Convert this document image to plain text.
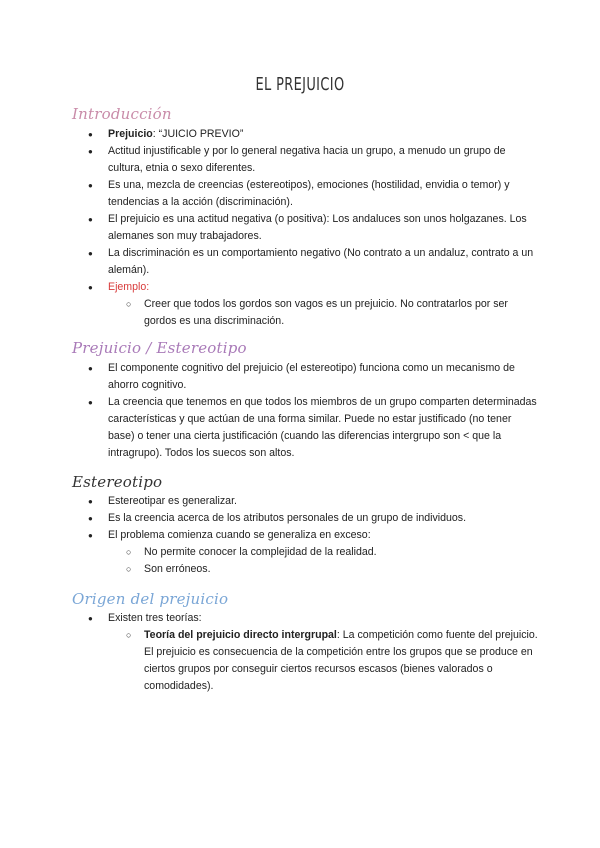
EL PREJUICIO
Introducción
● Prejuicio: “JUICIO PREVIO”
● Actitud injustificable y por lo general negativa hacia un grupo, a menudo un grupo de cultura, etnia o sexo diferentes.
● Es una, mezcla de creencias (estereotipos), emociones (hostilidad, envidia o temor) y tendencias a la acción (discriminación).
● El prejuicio es una actitud negativa (o positiva): Los andaluces son unos holgazanes. Los alemanes son muy trabajadores.
● La discriminación es un comportamiento negativo (No contrato a un andaluz, contrato a un alemán).
● Ejemplo:
○ Creer que todos los gordos son vagos es un prejuicio. No contratarlos por ser gordos es una discriminación.
Prejuicio / Estereotipo
● El componente cognitivo del prejuicio (el estereotipo) funciona como un mecanismo de ahorro cognitivo.
● La creencia que tenemos en que todos los miembros de un grupo comparten determinadas características y que actúan de una forma similar. Puede no estar justificado (no tener base) o tener una cierta justificación (cuando las diferencias intergrupo son < que la intragrupo). Todos los suecos son altos.
Estereotipo
● Estereotipar es generalizar.
● Es la creencia acerca de los atributos personales de un grupo de individuos.
● El problema comienza cuando se generaliza en exceso:
○ No permite conocer la complejidad de la realidad.
○ Son erróneos.
Origen del prejuicio
● Existen tres teorías:
○ Teoría del prejuicio directo intergrupal: La competición como fuente del prejuicio. El prejuicio es consecuencia de la competición entre los grupos que se produce en ciertos grupos por conseguir ciertos recursos escasos (bienes valorados o comodidades).
